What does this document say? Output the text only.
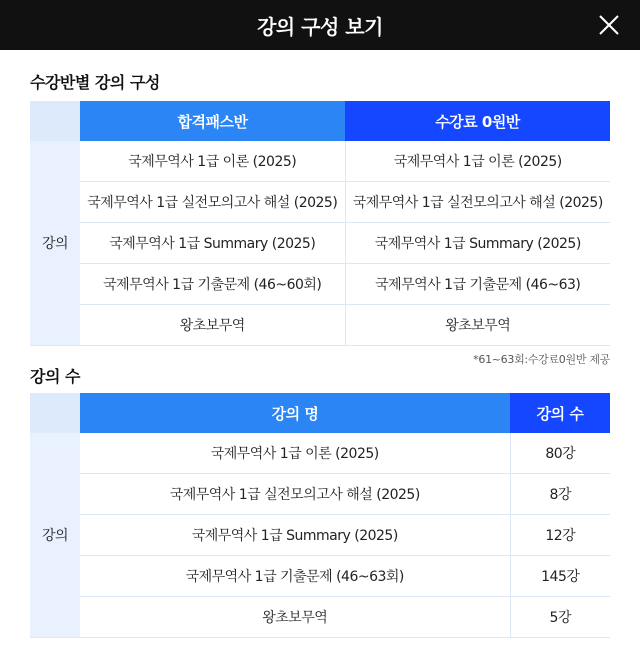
강의 구성 보기
수강반별 강의 구성
	합격패스반	수강료 0원반
강의	국제무역사 1급 이론 (2025)	국제무역사 1급 이론 (2025)
	국제무역사 1급 실전모의고사 해설 (2025)	국제무역사 1급 실전모의고사 해설 (2025)
	국제무역사 1급 Summary (2025)	국제무역사 1급 Summary (2025)
	국제무역사 1급 기출문제 (46~60회)	국제무역사 1급 기출문제 (46~63)
	왕초보무역	왕초보무역
*61~63회:수강료0원반 제공
강의 수
	강의 명	강의 수
강의	국제무역사 1급 이론 (2025)	80강
	국제무역사 1급 실전모의고사 해설 (2025)	8강
	국제무역사 1급 Summary (2025)	12강
	국제무역사 1급 기출문제 (46~63회)	145강
	왕초보무역	5강
